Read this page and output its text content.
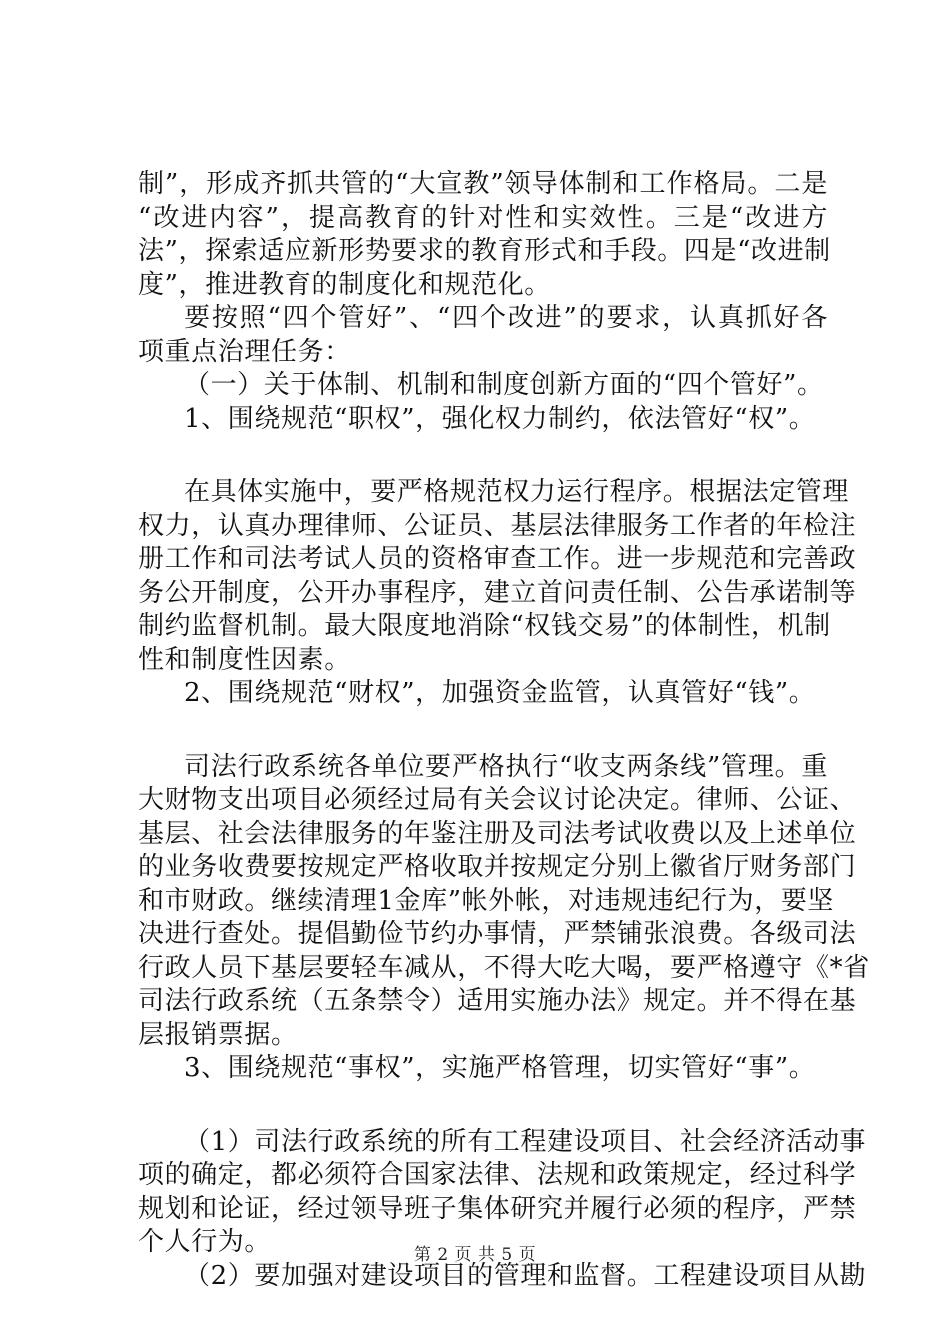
制”，形成齐抓共管的“大宣教”领导体制和工作格局。二是
“改进内容”，提高教育的针对性和实效性。三是“改进方
法”，探索适应新形势要求的教育形式和手段。四是“改进制
度”，推进教育的制度化和规范化。
要按照“四个管好”、“四个改进”的要求，认真抓好各
项重点治理任务：
（一）关于体制、机制和制度创新方面的“四个管好”。
1、围绕规范“职权”，强化权力制约，依法管好“权”。
在具体实施中，要严格规范权力运行程序。根据法定管理
权力，认真办理律师、公证员、基层法律服务工作者的年检注
册工作和司法考试人员的资格审查工作。进一步规范和完善政
务公开制度，公开办事程序，建立首问责任制、公告承诺制等
制约监督机制。最大限度地消除“权钱交易”的体制性，机制
性和制度性因素。
2、围绕规范“财权”，加强资金监管，认真管好“钱”。
司法行政系统各单位要严格执行“收支两条线”管理。重
大财物支出项目必须经过局有关会议讨论决定。律师、公证、
基层、社会法律服务的年鉴注册及司法考试收费以及上述单位
的业务收费要按规定严格收取并按规定分别上徽省厅财务部门
和市财政。继续清理1金库”帐外帐，对违规违纪行为，要坚
决进行查处。提倡勤俭节约办事情，严禁铺张浪费。各级司法
行政人员下基层要轻车减从，不得大吃大喝，要严格遵守《*省
司法行政系统（五条禁令）适用实施办法》规定。并不得在基
层报销票据。
3、围绕规范“事权”，实施严格管理，切实管好“事”。
（1）司法行政系统的所有工程建设项目、社会经济活动事
项的确定，都必须符合国家法律、法规和政策规定，经过科学
规划和论证，经过领导班子集体研究并履行必须的程序，严禁
个人行为。
（2）要加强对建设项目的管理和监督。工程建设项目从勘
第 2 页 共 5 页
